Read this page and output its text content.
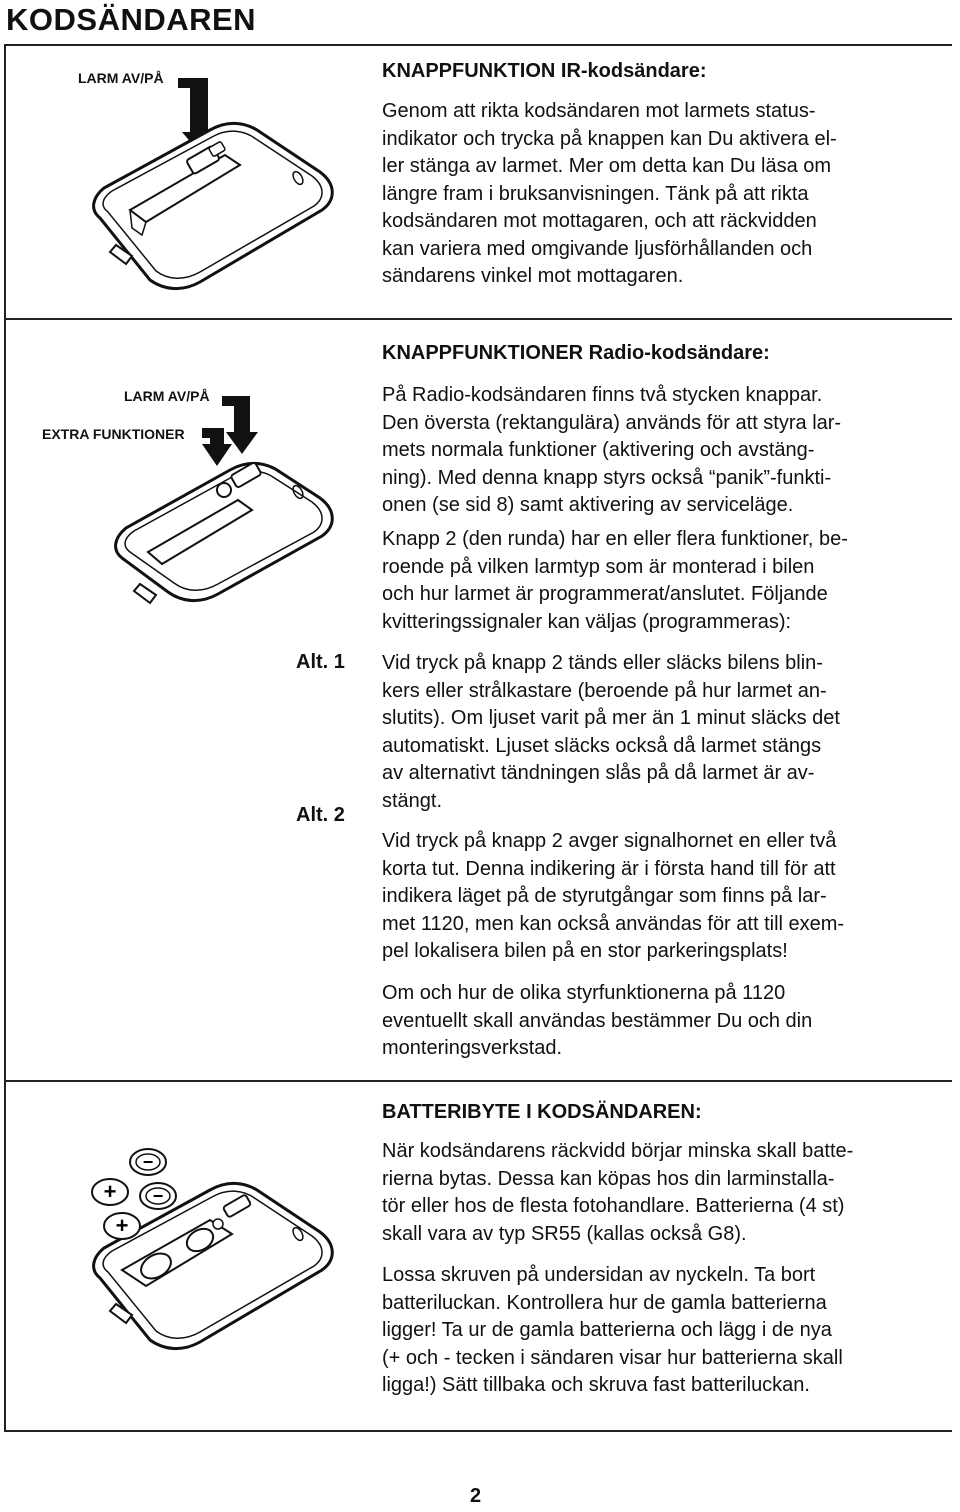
KODSÄNDAREN
LARM AV/PÅ	KNAPPFUNKTION IR-kodsändare:

Genom att rikta kodsändaren mot larmets status-
indikator och trycka på knappen kan Du aktivera el-
ler stänga av larmet. Mer om detta kan Du läsa om
längre fram i bruksanvisningen. Tänk på att rikta
kodsändaren mot mottagaren, och att räckvidden
kan variera med omgivande ljusförhållanden och
sändarens vinkel mot mottagaren.

LARM AV/PÅ
EXTRA FUNKTIONER
KNAPPFUNKTIONER Radio-kodsändare:

På Radio-kodsändaren finns två stycken knappar.
Den översta (rektangulära) används för att styra lar-
mets normala funktioner (aktivering och avstäng-
ning). Med denna knapp styrs också “panik”-funkti-
onen (se sid 8) samt aktivering av serviceläge.

Knapp 2 (den runda) har en eller flera funktioner, be-
roende på vilken larmtyp som är monterad i bilen
och hur larmet är programmerat/anslutet. Följande
kvitteringssignaler kan väljas (programmeras):

Alt. 1 Vid tryck på knapp 2 tänds eller släcks bilens blin-
kers eller strålkastare (beroende på hur larmet an-
slutits). Om ljuset varit på mer än 1 minut släcks det
automatiskt. Ljuset släcks också då larmet stängs
av alternativt tändningen slås på då larmet är av-
stängt.

Alt. 2

Vid tryck på knapp 2 avger signalhornet en eller två
korta tut. Denna indikering är i första hand till för att
indikera läget på de styrutgångar som finns på lar-
met 1120, men kan också användas för att till exem-
pel lokalisera bilen på en stor parkeringsplats!

Om och hur de olika styrfunktionerna på 1120
eventuellt skall användas bestämmer Du och din
monteringsverkstad.

−
−
+
+
BATTERIBYTE I KODSÄNDAREN:

När kodsändarens räckvidd börjar minska skall batte-
rierna bytas. Dessa kan köpas hos din larminstalla-
tör eller hos de flesta fotohandlare. Batterierna (4 st)
skall vara av typ SR55 (kallas också G8).

Lossa skruven på undersidan av nyckeln. Ta bort
batteriluckan. Kontrollera hur de gamla batterierna
ligger! Ta ur de gamla batterierna och lägg i de nya
(+ och - tecken i sändaren visar hur batterierna skall
ligga!) Sätt tillbaka och skruva fast batteriluckan.

2
